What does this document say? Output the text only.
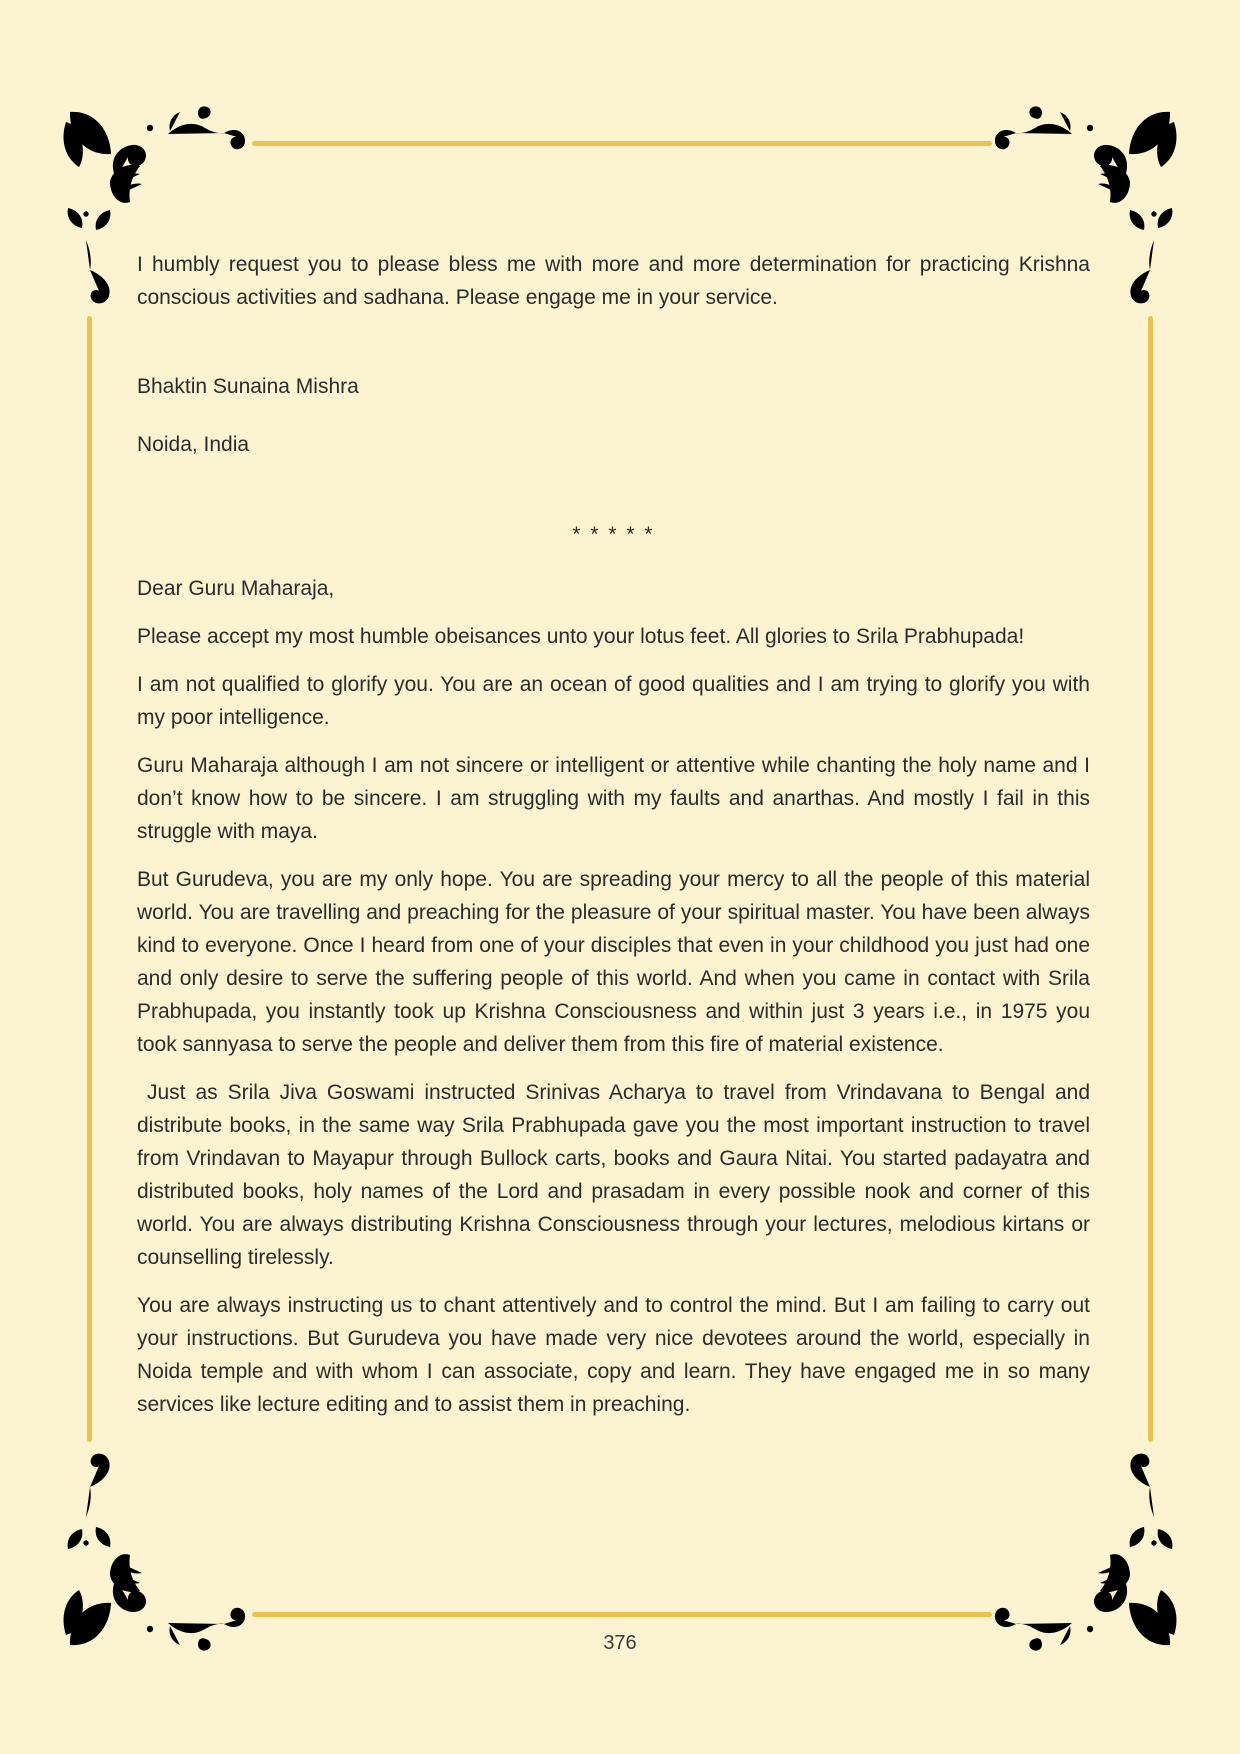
I humbly request you to please bless me with more and more determination for practicing Krishna conscious activities and sadhana. Please engage me in your service.

Bhaktin Sunaina Mishra

Noida, India

* * * * *

Dear Guru Maharaja,

Please accept my most humble obeisances unto your lotus feet. All glories to Srila Prabhupada!

I am not qualified to glorify you. You are an ocean of good qualities and I am trying to glorify you with my poor intelligence.

Guru Maharaja although I am not sincere or intelligent or attentive while chanting the holy name and I don’t know how to be sincere. I am struggling with my faults and anarthas. And mostly I fail in this struggle with maya.

But Gurudeva, you are my only hope. You are spreading your mercy to all the people of this material world. You are travelling and preaching for the pleasure of your spiritual master. You have been always kind to everyone. Once I heard from one of your disciples that even in your childhood you just had one and only desire to serve the suffering people of this world. And when you came in contact with Srila Prabhupada, you instantly took up Krishna Consciousness and within just 3 years i.e., in 1975 you took sannyasa to serve the people and deliver them from this fire of material existence.

Just as Srila Jiva Goswami instructed Srinivas Acharya to travel from Vrindavana to Bengal and distribute books, in the same way Srila Prabhupada gave you the most important instruction to travel from Vrindavan to Mayapur through Bullock carts, books and Gaura Nitai. You started padayatra and distributed books, holy names of the Lord and prasadam in every possible nook and corner of this world. You are always distributing Krishna Consciousness through your lectures, melodious kirtans or counselling tirelessly.

You are always instructing us to chant attentively and to control the mind. But I am failing to carry out your instructions. But Gurudeva you have made very nice devotees around the world, especially in Noida temple and with whom I can associate, copy and learn. They have engaged me in so many services like lecture editing and to assist them in preaching.

376
